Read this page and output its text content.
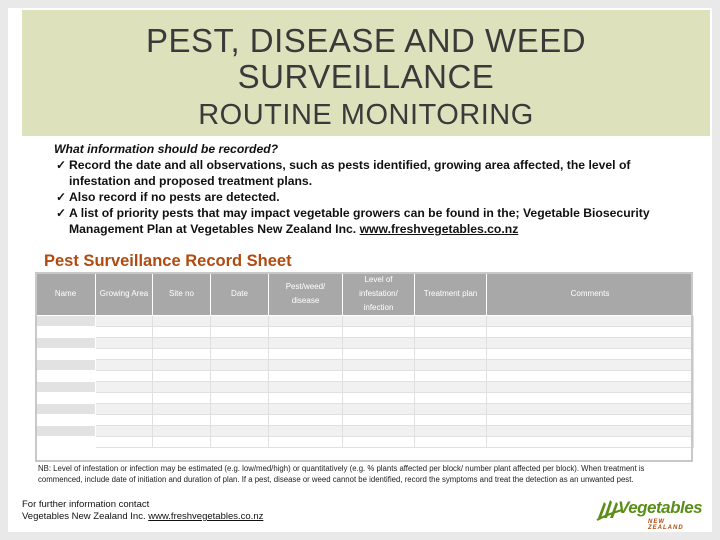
PEST, DISEASE AND WEED
SURVEILLANCE
ROUTINE MONITORING
What information should be recorded?
✓ Record the date and all observations, such as pests identified, growing area affected, the level of infestation and proposed treatment plans.
✓ Also record if no pests are detected.
✓ A list of priority pests that may impact vegetable growers can be found in the; Vegetable Biosecurity Management Plan at Vegetables New Zealand Inc. www.freshvegetables.co.nz
Pest Surveillance Record Sheet
Name	Growing Area	Site no	Date	Pest/weed/ disease	Level of infestation/ infection	Treatment plan	Comments

NB: Level of infestation or infection may be estimated (e.g. low/med/high) or quantitatively (e.g. % plants affected per block/ number plant affected per block). When treatment is commenced, include date of initiation and duration of plan. If a pest, disease or weed cannot be identified, record the symptoms and treat the detection as an unwanted pest.
For further information contact
Vegetables New Zealand Inc. www.freshvegetables.co.nz	Vegetables
NEW ZEALAND
